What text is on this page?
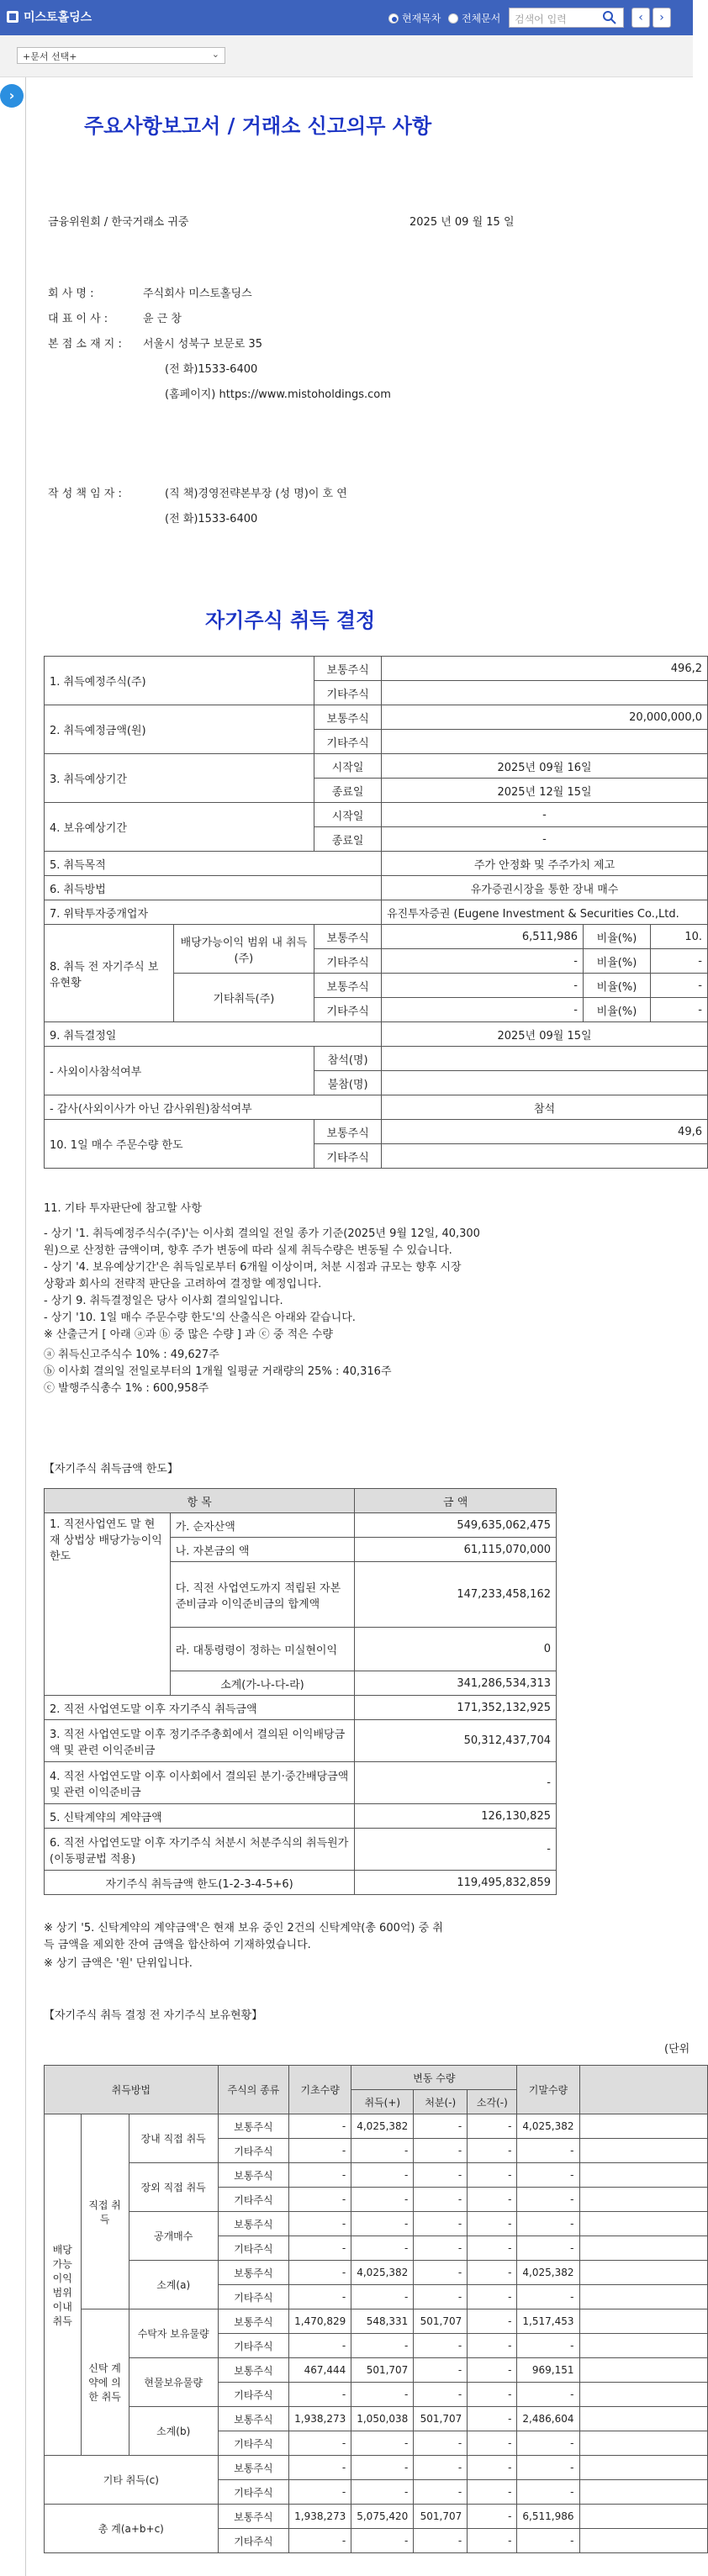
미스토홀딩스	현재목차 전체문서	검색어 입력	‹	›
+문서 선택+	⌄
›
주요사항보고서 / 거래소 신고의무 사항
금융위원회 / 한국거래소 귀중	2025 년 09 월 15 일
회 사 명 :	주식회사 미스토홀딩스
대 표 이 사 :	윤 근 창
본 점 소 재 지 : 서울시 성북구 보문로 35
(전 화)1533-6400
(홈페이지) https://www.mistoholdings.com
작 성 책 임 자 :	(직 책)경영전략본부장 (성 명)이 호 연
(전 화)1533-6400
자기주식 취득 결정
1. 취득예정주식(주)		보통주식	496,2		
		기타주식			
2. 취득예정금액(원)		보통주식	20,000,000,0		
		기타주식			
3. 취득예상기간		시작일	2025년 09월 16일		
		종료일	2025년 12월 15일		
4. 보유예상기간		시작일	-		
		종료일	-		
5. 취득목적			주가 안정화 및 주주가치 제고		
6. 취득방법			유가증권시장을 통한 장내 매수		
7. 위탁투자중개업자			유진투자증권 (Eugene Investment & Securities Co.,Ltd.		
8. 취득 전 자기주식 보유현황	배당가능이익 범위 내 취득(주)	보통주식	6,511,986	비율(%)	10.
		기타주식	-	비율(%)	-
	기타취득(주)	보통주식	-	비율(%)	-
		기타주식	-	비율(%)	-
9. 취득결정일			2025년 09월 15일		
- 사외이사참석여부		참석(명)			
		불참(명)			
- 감사(사외이사가 아닌 감사위원)참석여부			참석		
10. 1일 매수 주문수량 한도		보통주식	49,6		
		기타주식			
11. 기타 투자판단에 참고할 사항
- 상기 '1. 취득예정주식수(주)'는 이사회 결의일 전일 종가 기준(2025년 9월 12일, 40,300
원)으로 산정한 금액이며, 향후 주가 변동에 따라 실제 취득수량은 변동될 수 있습니다.
- 상기 '4. 보유예상기간'은 취득일로부터 6개월 이상이며, 처분 시점과 규모는 향후 시장
상황과 회사의 전략적 판단을 고려하여 결정할 예정입니다.
- 상기 9. 취득결정일은 당사 이사회 결의일입니다.
- 상기 '10. 1일 매수 주문수량 한도'의 산출식은 아래와 같습니다.
※ 산출근거 [ 아래 ⓐ과 ⓑ 중 많은 수량 ] 과 ⓒ 중 적은 수량
ⓐ 취득신고주식수 10% : 49,627주
ⓑ 이사회 결의일 전일로부터의 1개월 일평균 거래량의 25% : 40,316주
ⓒ 발행주식총수 1% : 600,958주
【자기주식 취득금액 한도】
항 목		금 액
1. 직전사업연도 말 현재 상법상 배당가능이익 한도	가. 순자산액	549,635,062,475
	나. 자본금의 액	61,115,070,000
	다. 직전 사업연도까지 적립된 자본준비금과 이익준비금의 합계액	147,233,458,162
	라. 대통령령이 정하는 미실현이익	0
	소계(가-나-다-라)	341,286,534,313
2. 직전 사업연도말 이후 자기주식 취득금액		171,352,132,925
3. 직전 사업연도말 이후 정기주주총회에서 결의된 이익배당금액 및 관련 이익준비금		50,312,437,704
4. 직전 사업연도말 이후 이사회에서 결의된 분기·중간배당금액 및 관련 이익준비금		-
5. 신탁계약의 계약금액		126,130,825
6. 직전 사업연도말 이후 자기주식 처분시 처분주식의 취득원가 (이동평균법 적용)		-
자기주식 취득금액 한도(1-2-3-4-5+6)		119,495,832,859
※ 상기 '5. 신탁계약의 계약금액'은 현재 보유 중인 2건의 신탁계약(총 600억) 중 취
득 금액을 제외한 잔여 금액을 합산하여 기재하였습니다.
※ 상기 금액은 '원' 단위입니다.
【자기주식 취득 결정 전 자기주식 보유현황】
(단위
취득방법			주식의 종류	기초수량	변동 수량			기말수량	
					취득(+)	처분(-)	소각(-)		
배당 가능 이익 범위 이내 취득	직접 취득	장내 직접 취득	보통주식	-	4,025,382	-	-	4,025,382	
			기타주식	-	-	-	-	-	
		장외 직접 취득	보통주식	-	-	-	-	-	
			기타주식	-	-	-	-	-	
		공개매수	보통주식	-	-	-	-	-	
			기타주식	-	-	-	-	-	
		소계(a)	보통주식	-	4,025,382	-	-	4,025,382	
			기타주식	-	-	-	-	-	
	신탁 계약에 의한 취득	수탁자 보유물량	보통주식	1,470,829	548,331	501,707	-	1,517,453	
			기타주식	-	-	-	-	-	
		현물보유물량	보통주식	467,444	501,707	-	-	969,151	
			기타주식	-	-	-	-	-	
		소계(b)	보통주식	1,938,273	1,050,038	501,707	-	2,486,604	
			기타주식	-	-	-	-	-	
기타 취득(c)			보통주식	-	-	-	-	-	
			기타주식	-	-	-	-	-	
총 계(a+b+c)			보통주식	1,938,273	5,075,420	501,707	-	6,511,986	
			기타주식	-	-	-	-	-	
